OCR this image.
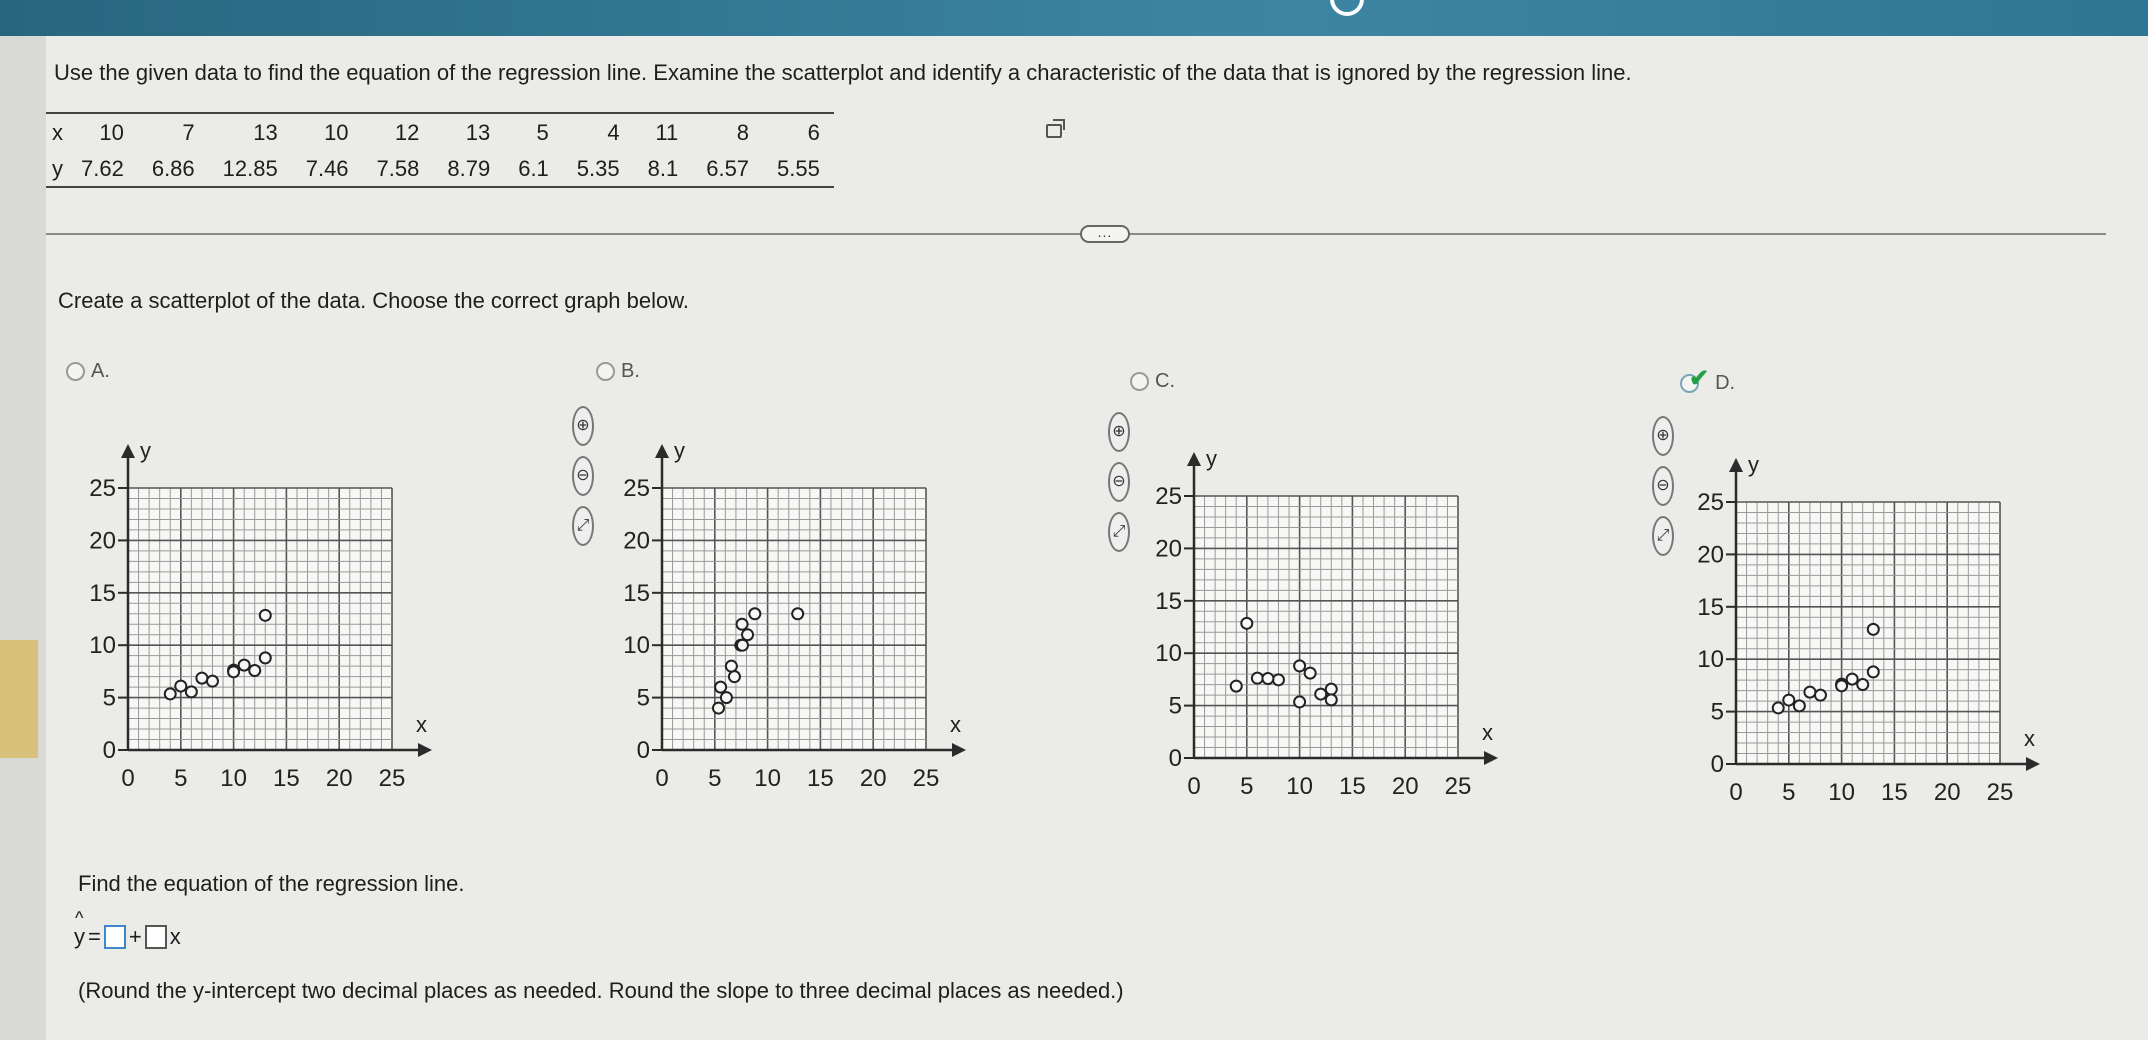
Use the given data to find the equation of the regression line. Examine the scatterplot and identify a characteristic of the data that is ignored by the regression line.
x	10	7	13	10	12	13	5	4	11	8	6
y	7.62	6.86	12.85	7.46	7.58	8.79	6.1	5.35	8.1	6.57	5.55
...
Create a scatterplot of the data. Choose the correct graph below.
A.	B.	C.	✔ D.
⊕
⊖
⤢
⊕
⊖
⤢
⊕
⊖
⤢
0
0
5
5
10
10
15
15
20
20
25
25
x
y
0
0
5
5
10
10
15
15
20
20
25
25
x
y
0
0
5
5
10
10
15
15
20
20
25
25
x
y
0
0
5
5
10
10
15
15
20
20
25
25
x
y
Find the equation of the regression line.
^ y = + x
(Round the y-intercept two decimal places as needed. Round the slope to three decimal places as needed.)
